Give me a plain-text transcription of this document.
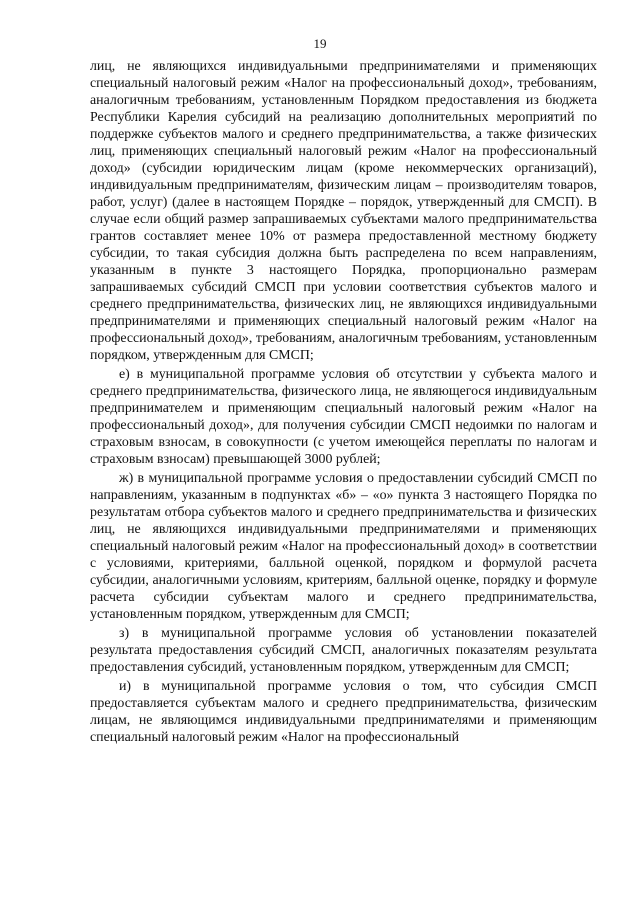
19

лиц, не являющихся индивидуальными предпринимателями и применяющих специальный налоговый режим «Налог на профессиональный доход», требованиям, аналогичным требованиям, установленным Порядком предоставления из бюджета Республики Карелия субсидий на реализацию дополнительных мероприятий по поддержке субъектов малого и среднего предпринимательства, а также физических лиц, применяющих специальный налоговый режим «Налог на профессиональный доход» (субсидии юридическим лицам (кроме некоммерческих организаций), индивидуальным предпринимателям, физическим лицам – производителям товаров, работ, услуг) (далее в настоящем Порядке – порядок, утвержденный для СМСП). В случае если общий размер запрашиваемых субъектами малого предпринимательства грантов составляет менее 10% от размера предоставленной местному бюджету субсидии, то такая субсидия должна быть распределена по всем направлениям, указанным в пункте 3 настоящего Порядка, пропорционально размерам запрашиваемых субсидий СМСП при условии соответствия субъектов малого и среднего предпринимательства, физических лиц, не являющихся индивидуальными предпринимателями и применяющих специальный налоговый режим «Налог на профессиональный доход», требованиям, аналогичным требованиям, установленным порядком, утвержденным для СМСП;

е) в муниципальной программе условия об отсутствии у субъекта малого и среднего предпринимательства, физического лица, не являющегося индивидуальным предпринимателем и применяющим специальный налоговый режим «Налог на профессиональный доход», для получения субсидии СМСП недоимки по налогам и страховым взносам, в совокупности (с учетом имеющейся переплаты по налогам и страховым взносам) превышающей 3000 рублей;

ж) в муниципальной программе условия о предоставлении субсидий СМСП по направлениям, указанным в подпунктах «б» – «о» пункта 3 настоящего Порядка по результатам отбора субъектов малого и среднего предпринимательства и физических лиц, не являющихся индивидуальными предпринимателями и применяющих специальный налоговый режим «Налог на профессиональный доход» в соответствии с условиями, критериями, балльной оценкой, порядком и формулой расчета субсидии, аналогичными условиям, критериям, балльной оценке, порядку и формуле расчета субсидии субъектам малого и среднего предпринимательства, установленным порядком, утвержденным для СМСП;

з) в муниципальной программе условия об установлении показателей результата предоставления субсидий СМСП, аналогичных показателям результата предоставления субсидий, установленным порядком, утвержденным для СМСП;

и) в муниципальной программе условия о том, что субсидия СМСП предоставляется субъектам малого и среднего предпринимательства, физическим лицам, не являющимся индивидуальными предпринимателями и применяющим специальный налоговый режим «Налог на профессиональный
